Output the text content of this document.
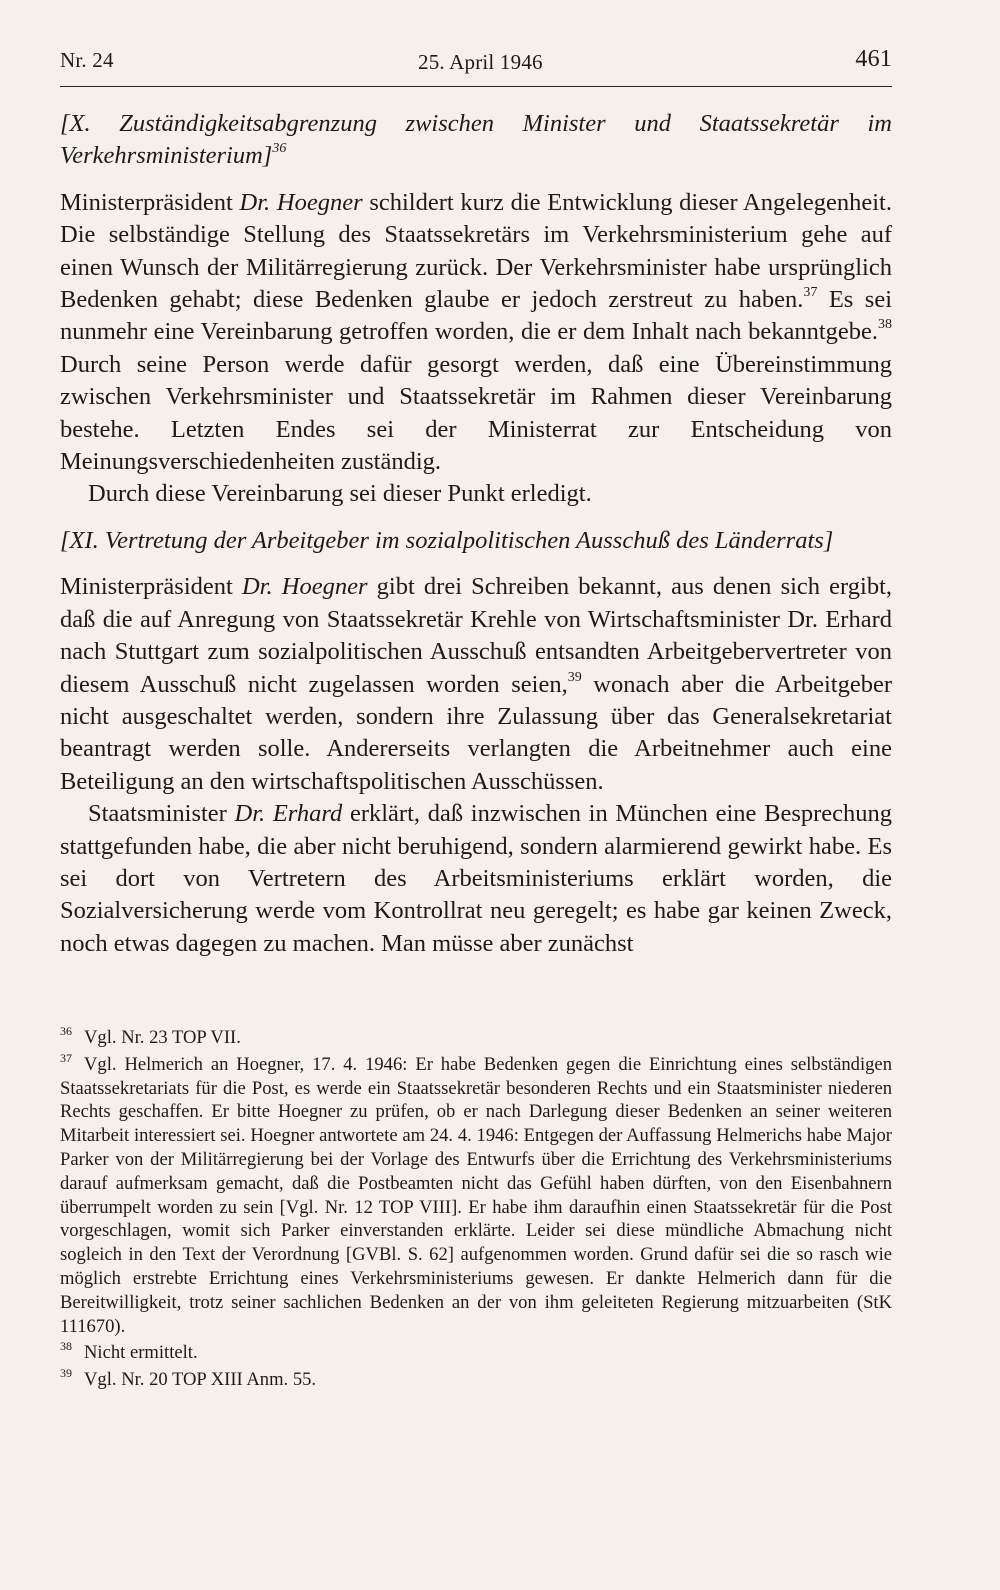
Nr. 24	25. April 1946	461

[X. Zuständigkeitsabgrenzung zwischen Minister und Staatssekretär im Verkehrsministerium]$^{36}$

Ministerpräsident Dr. Hoegner schildert kurz die Entwicklung dieser Angelegenheit. Die selbständige Stellung des Staatssekretärs im Verkehrsministerium gehe auf einen Wunsch der Militärregierung zurück. Der Verkehrsminister habe ursprünglich Bedenken gehabt; diese Bedenken glaube er jedoch zerstreut zu haben.$^{37}$ Es sei nunmehr eine Vereinbarung getroffen worden, die er dem Inhalt nach bekanntgebe.$^{38}$ Durch seine Person werde dafür gesorgt werden, daß eine Übereinstimmung zwischen Verkehrsminister und Staatssekretär im Rahmen dieser Vereinbarung bestehe. Letzten Endes sei der Ministerrat zur Entscheidung von Meinungsverschiedenheiten zuständig.

Durch diese Vereinbarung sei dieser Punkt erledigt.

[XI. Vertretung der Arbeitgeber im sozialpolitischen Ausschuß des Länderrats]

Ministerpräsident Dr. Hoegner gibt drei Schreiben bekannt, aus denen sich ergibt, daß die auf Anregung von Staatssekretär Krehle von Wirtschaftsminister Dr. Erhard nach Stuttgart zum sozialpolitischen Ausschuß entsandten Arbeitgebervertreter von diesem Ausschuß nicht zugelassen worden seien,$^{39}$ wonach aber die Arbeitgeber nicht ausgeschaltet werden, sondern ihre Zulassung über das Generalsekretariat beantragt werden solle. Andererseits verlangten die Arbeitnehmer auch eine Beteiligung an den wirtschaftspolitischen Ausschüssen.

Staatsminister Dr. Erhard erklärt, daß inzwischen in München eine Besprechung stattgefunden habe, die aber nicht beruhigend, sondern alarmierend gewirkt habe. Es sei dort von Vertretern des Arbeitsministeriums erklärt worden, die Sozialversicherung werde vom Kontrollrat neu geregelt; es habe gar keinen Zweck, noch etwas dagegen zu machen. Man müsse aber zunächst

36 Vgl. Nr. 23 TOP VII.

37 Vgl. Helmerich an Hoegner, 17. 4. 1946: Er habe Bedenken gegen die Einrichtung eines selbständigen Staatssekretariats für die Post, es werde ein Staatssekretär besonderen Rechts und ein Staatsminister niederen Rechts geschaffen. Er bitte Hoegner zu prüfen, ob er nach Darlegung dieser Bedenken an seiner weiteren Mitarbeit interessiert sei. Hoegner antwortete am 24. 4. 1946: Entgegen der Auffassung Helmerichs habe Major Parker von der Militärregierung bei der Vorlage des Entwurfs über die Errichtung des Verkehrsministeriums darauf aufmerksam gemacht, daß die Postbeamten nicht das Gefühl haben dürften, von den Eisenbahnern überrumpelt worden zu sein [Vgl. Nr. 12 TOP VIII]. Er habe ihm daraufhin einen Staatssekretär für die Post vorgeschlagen, womit sich Parker einverstanden erklärte. Leider sei diese mündliche Abmachung nicht sogleich in den Text der Verordnung [GVBl. S. 62] aufgenommen worden. Grund dafür sei die so rasch wie möglich erstrebte Errichtung eines Verkehrsministeriums gewesen. Er dankte Helmerich dann für die Bereitwilligkeit, trotz seiner sachlichen Bedenken an der von ihm geleiteten Regierung mitzuarbeiten (StK 111670).

38 Nicht ermittelt.

39 Vgl. Nr. 20 TOP XIII Anm. 55.
